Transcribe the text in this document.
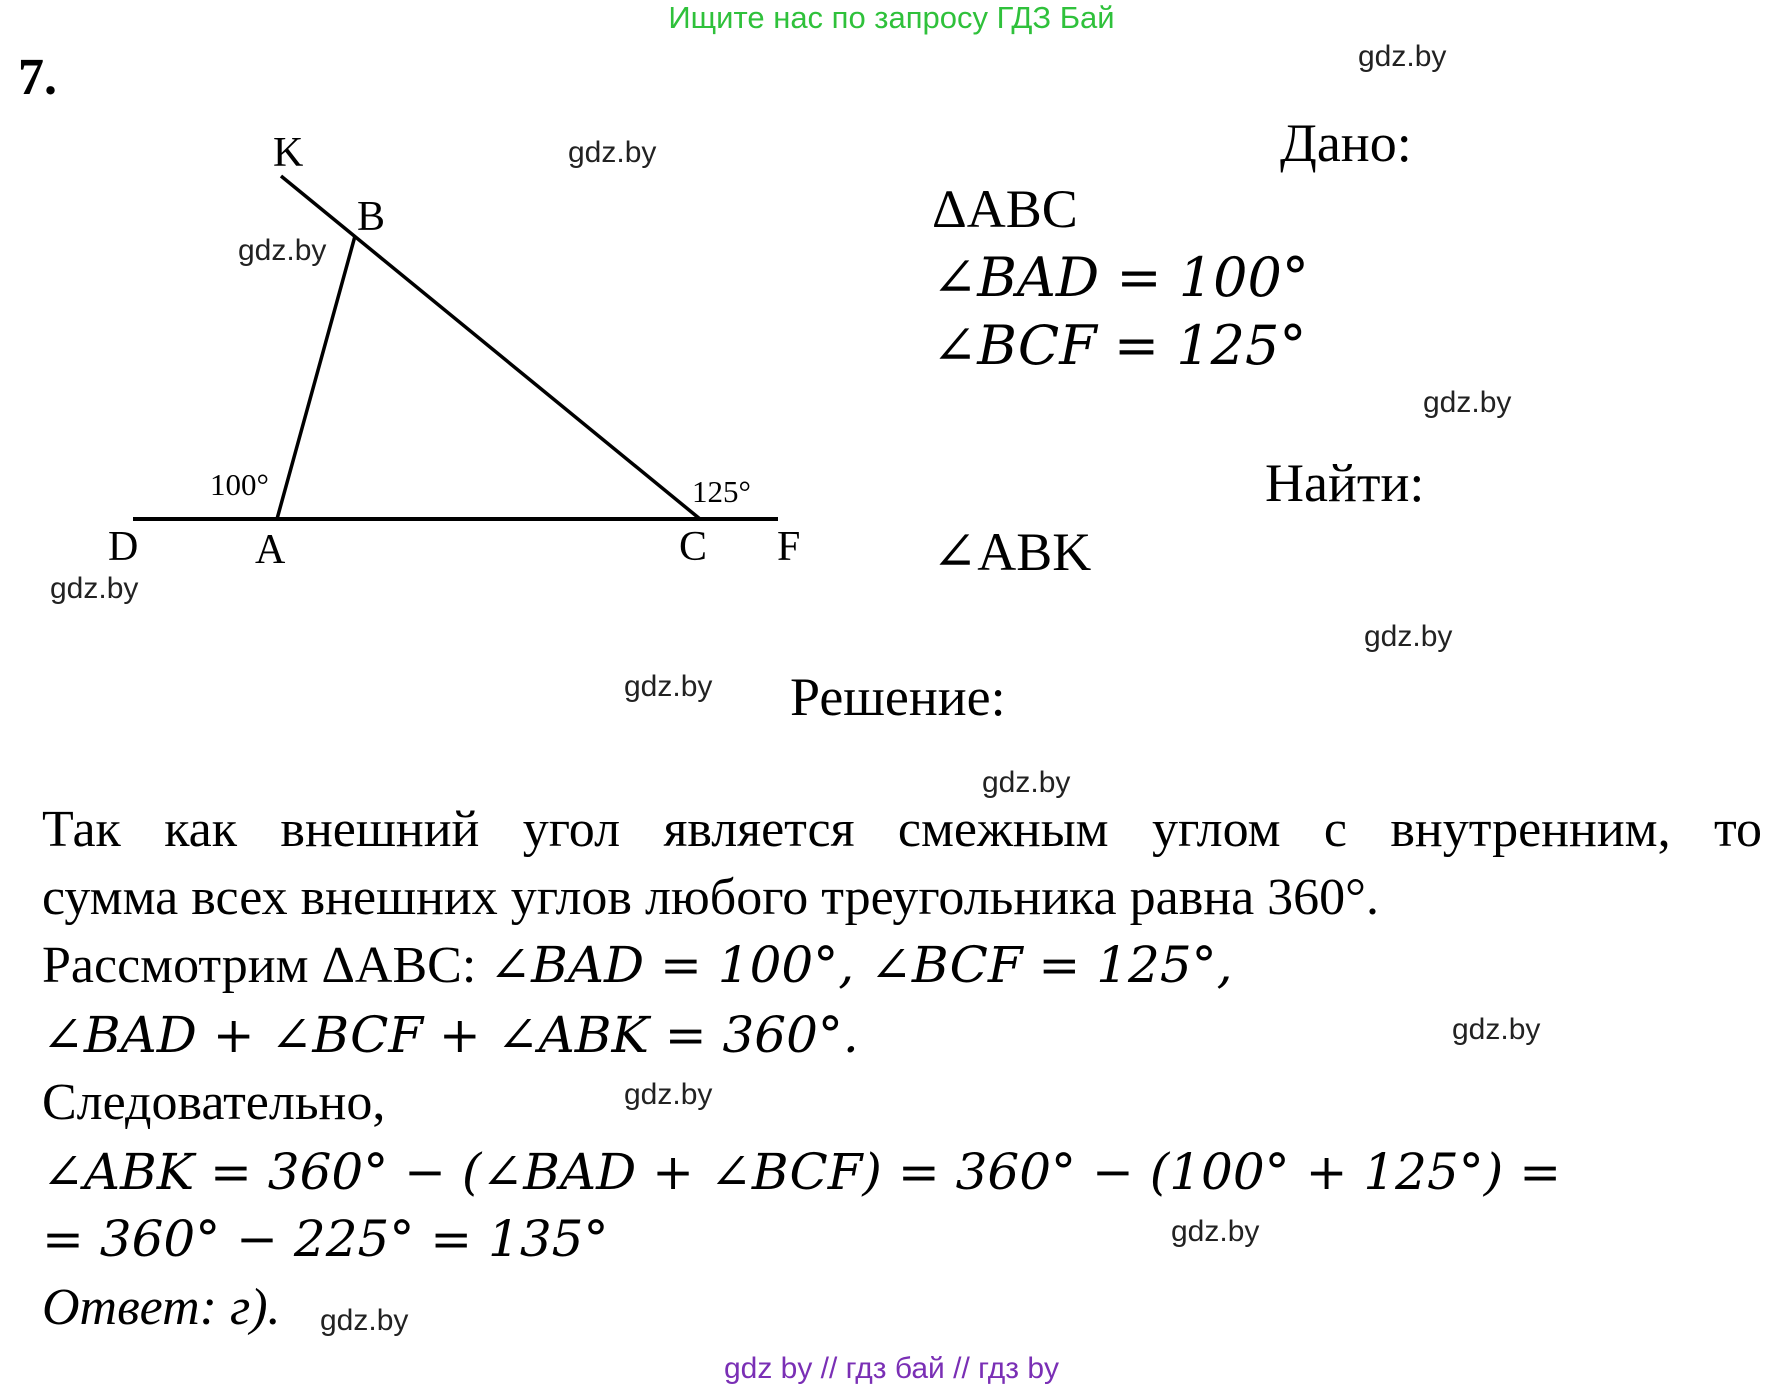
Ищите нас по запросу ГДЗ Бай
gdz by // гдз бай // гдз by
7.	gdz.by
gdz.by
gdz.by
gdz.by
gdz.by
gdz.by
gdz.by
gdz.by
gdz.by
gdz.by
gdz.by
gdz.by
K
B
D	A	C F
100°	125°
Дано:
ΔABC
∠BAD = 100°
∠BCF = 125°
Найти:
∠ABK
Решение:
Так как внешний угол является смежным углом с внутренним, то
сумма всех внешних углов любого треугольника равна 360°.
Рассмотрим ΔABC: ∠BAD = 100°, ∠BCF = 125°,
∠BAD + ∠BCF + ∠ABK = 360°.
Следовательно,
∠ABK = 360° − (∠BAD + ∠BCF) = 360° − (100° + 125°) =
= 360° − 225° = 135°
Ответ: г).
